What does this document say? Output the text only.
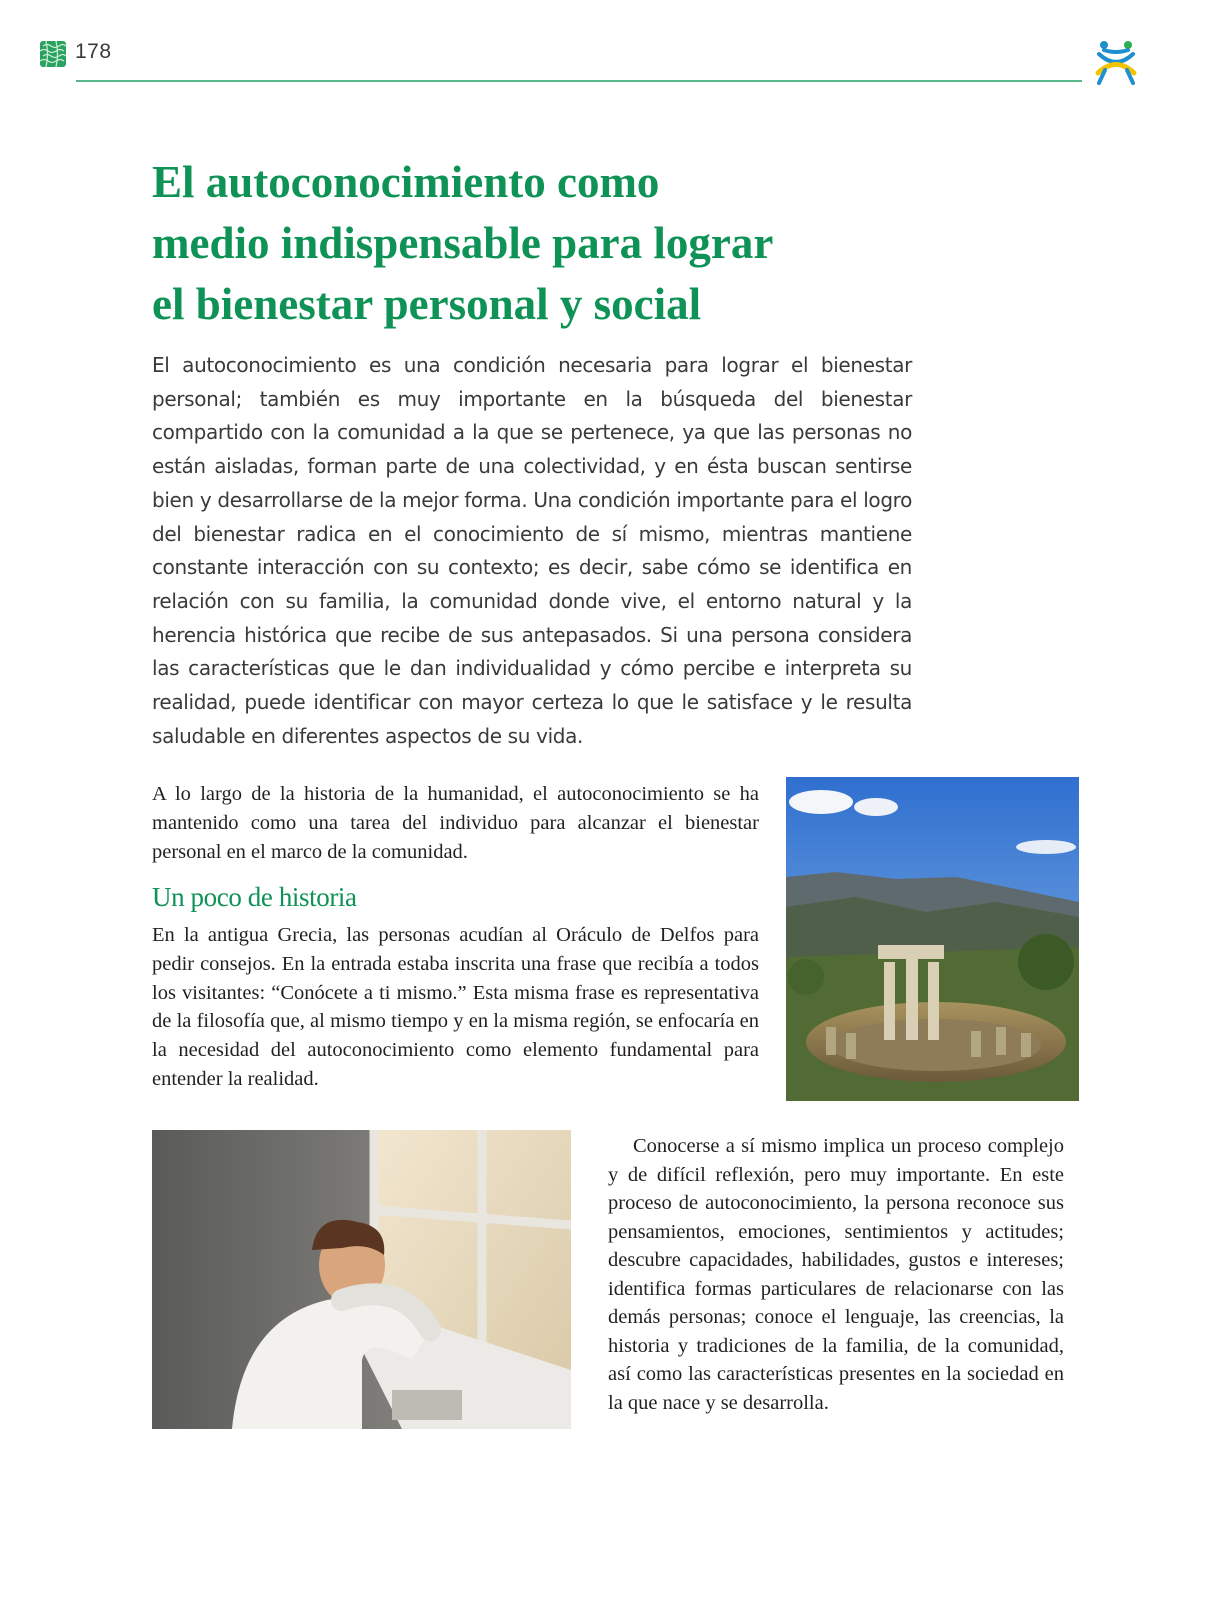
178
El autoconocimiento como
medio indispensable para lograr
el bienestar personal y social

El autoconocimiento es una condición necesaria para lograr el bienestar personal; también es muy importante en la búsqueda del bienestar compartido con la comunidad a la que se pertenece, ya que las personas no están aisladas, forman parte de una colectividad, y en ésta buscan sentirse bien y desarrollarse de la mejor forma. Una condición importante para el logro del bienestar radica en el conocimiento de sí mismo, mientras mantiene constante interacción con su contexto; es decir, sabe cómo se identifica en relación con su familia, la comunidad donde vive, el entorno natural y la herencia histórica que recibe de sus antepasados. Si una persona considera las características que le dan individualidad y cómo percibe e interpreta su realidad, puede identificar con mayor certeza lo que le satisface y le resulta saludable en diferentes aspectos de su vida.

A lo largo de la historia de la humanidad, el autoconocimiento se ha mantenido como una tarea del individuo para alcanzar el bienestar personal en el marco de la comunidad.

Un poco de historia

En la antigua Grecia, las personas acudían al Oráculo de Delfos para pedir consejos. En la entrada estaba inscrita una frase que recibía a todos los visitantes: “Conócete a ti mismo.” Esta misma frase es representativa de la filosofía que, al mismo tiempo y en la misma región, se enfocaría en la necesidad del autoconocimiento como elemento fundamental para entender la realidad.

Conocerse a sí mismo implica un proceso complejo y de difícil reflexión, pero muy importante. En este proceso de autoconocimiento, la persona reconoce sus pensamientos, emociones, sentimientos y actitudes; descubre capacidades, habilidades, gustos e intereses; identifica formas particulares de relacionarse con las demás personas; conoce el lenguaje, las creencias, la historia y tradiciones de la familia, de la comunidad, así como las características presentes en la sociedad en la que nace y se desarrolla.
